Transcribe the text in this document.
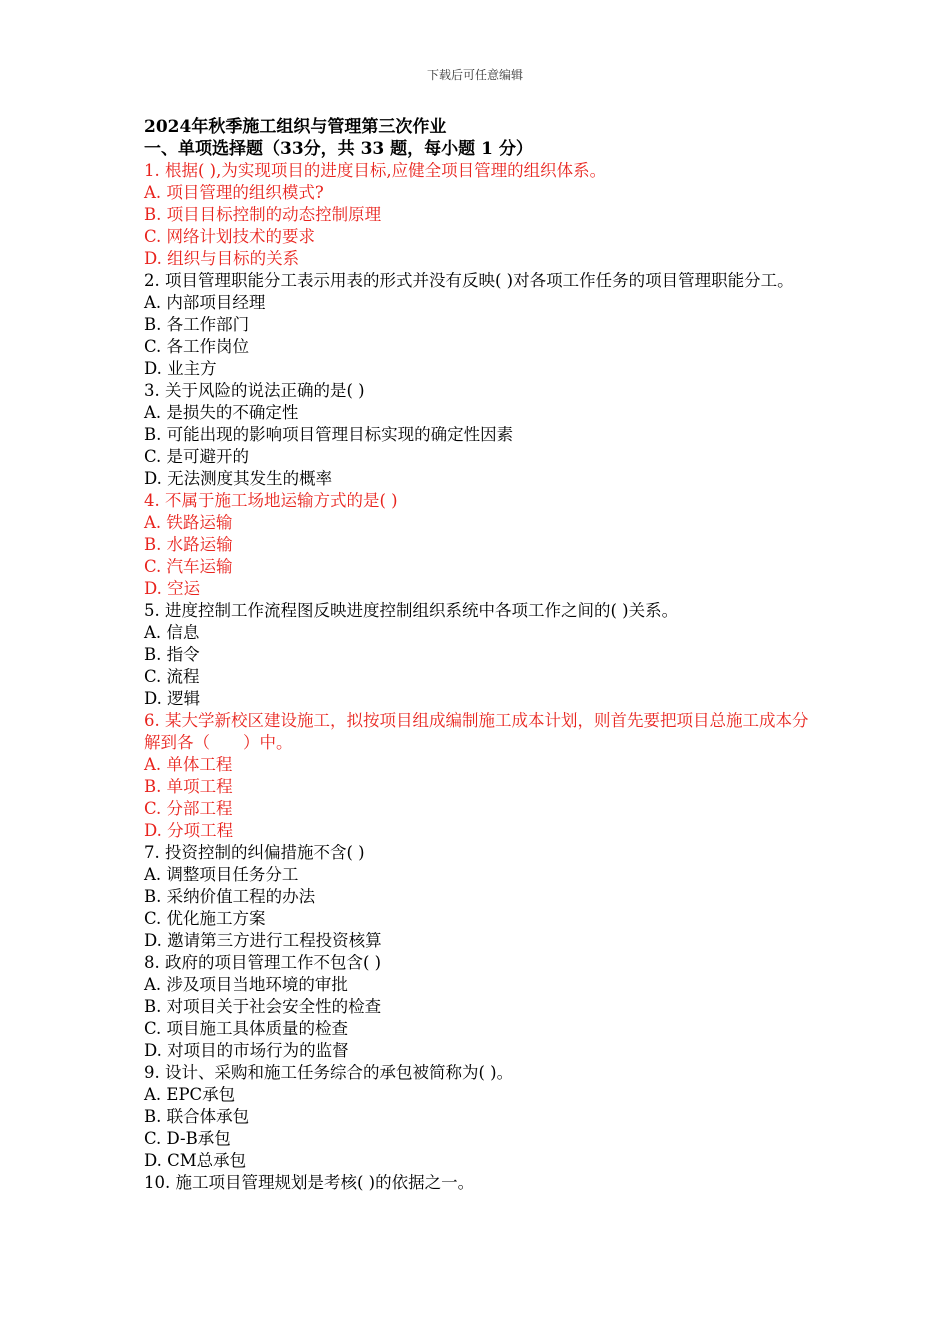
下载后可任意编辑
2024年秋季施工组织与管理第三次作业
一、单项选择题（33分，共 33 题，每小题 1 分）
1. 根据( ),为实现项目的进度目标,应健全项目管理的组织体系。
A. 项目管理的组织模式?
B. 项目目标控制的动态控制原理
C. 网络计划技术的要求
D. 组织与目标的关系
2. 项目管理职能分工表示用表的形式并没有反映( )对各项工作任务的项目管理职能分工。
A. 内部项目经理
B. 各工作部门
C. 各工作岗位
D. 业主方
3. 关于风险的说法正确的是( )
A. 是损失的不确定性
B. 可能出现的影响项目管理目标实现的确定性因素
C. 是可避开的
D. 无法测度其发生的概率
4. 不属于施工场地运输方式的是( )
A. 铁路运输
B. 水路运输
C. 汽车运输
D. 空运
5. 进度控制工作流程图反映进度控制组织系统中各项工作之间的( )关系。
A. 信息
B. 指令
C. 流程
D. 逻辑
6. 某大学新校区建设施工，拟按项目组成编制施工成本计划，则首先要把项目总施工成本分解到各（　　）中。
A. 单体工程
B. 单项工程
C. 分部工程
D. 分项工程
7. 投资控制的纠偏措施不含( )
A. 调整项目任务分工
B. 采纳价值工程的办法
C. 优化施工方案
D. 邀请第三方进行工程投资核算
8. 政府的项目管理工作不包含( )
A. 涉及项目当地环境的审批
B. 对项目关于社会安全性的检查
C. 项目施工具体质量的检查
D. 对项目的市场行为的监督
9. 设计、采购和施工任务综合的承包被简称为( )。
A. EPC承包
B. 联合体承包
C. D-B承包
D. CM总承包
10. 施工项目管理规划是考核( )的依据之一。
